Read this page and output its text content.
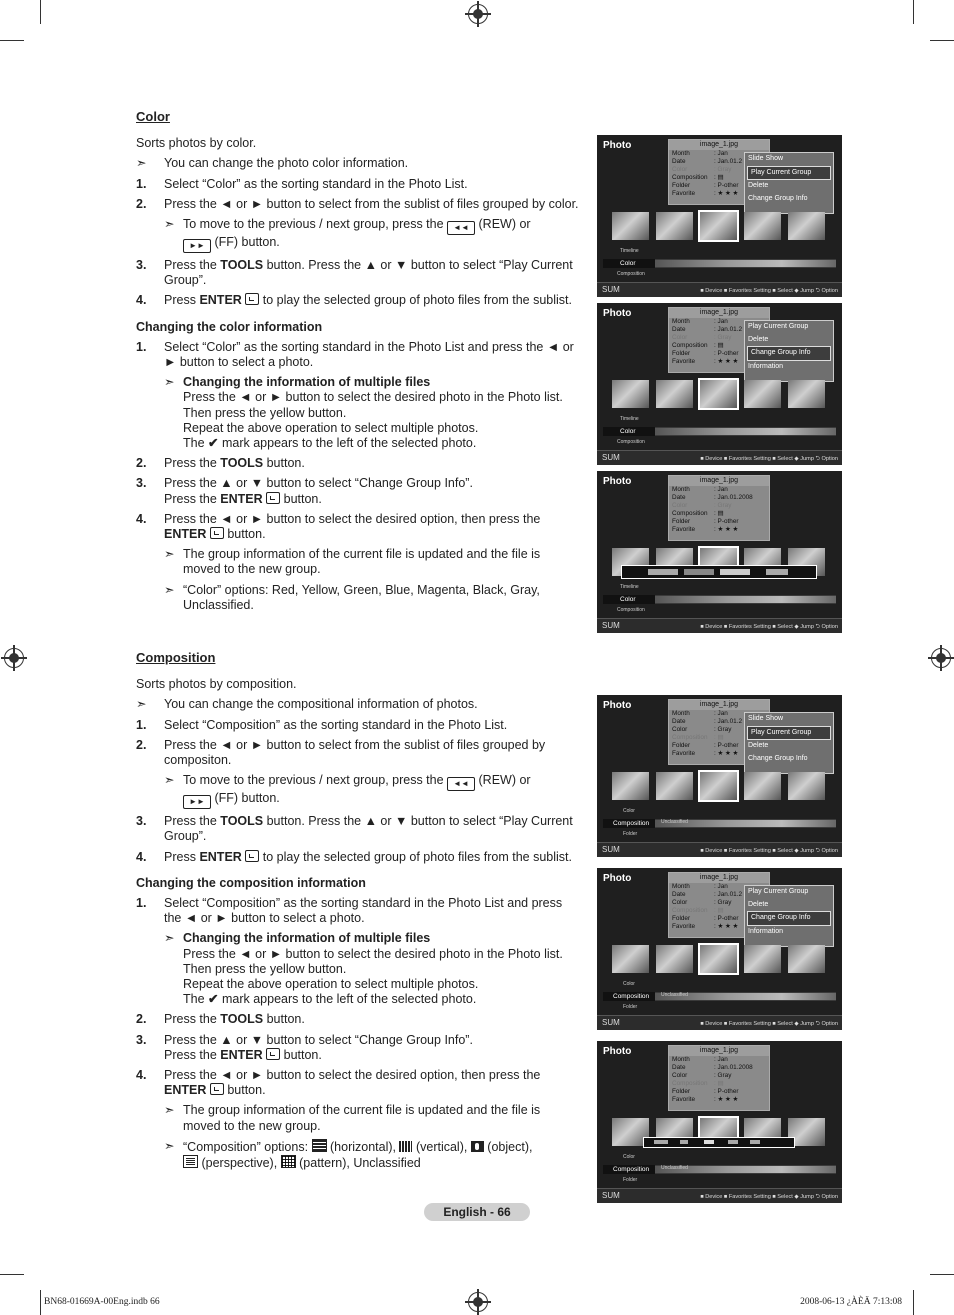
Color
Sorts photos by color.
➣	You can change the photo color information.
1.	Select “Color” as the sorting standard in the Photo List.
2.	Press the ◄ or ► button to select from the sublist of files grouped by color.
➣ To move to the previous / next group, press the ◄◄ (REW) or
►► (FF) button.
3.	Press the TOOLS button. Press the ▲ or ▼ button to select “Play Current Group”.
4.	Press ENTER  to play the selected group of photo files from the sublist.
Changing the color information
1.	Select “Color” as the sorting standard in the Photo List and press the ◄ or ► button to select a photo.
➣ Changing the information of multiple files
Press the ◄ or ► button to select the desired photo in the Photo list.
Then press the yellow button.
Repeat the above operation to select multiple photos.
The ✔ mark appears to the left of the selected photo.
2.	Press the TOOLS button.
3.	Press the ▲ or ▼ button to select “Change Group Info”.
Press the ENTER  button.
4.	Press the ◄ or ► button to select the desired option, then press the
ENTER  button.
➣ The group information of the current file is updated and the file is moved to the new group.
➣ “Color” options: Red, Yellow, Green, Blue, Magenta, Black, Gray, Unclassified.
Composition
Sorts photos by composition.
➣	You can change the compositional information of photos.
1.	Select “Composition” as the sorting standard in the Photo List.
2.	Press the ◄ or ► button to select from the sublist of files grouped by compositon.
➣ To move to the previous / next group, press the ◄◄ (REW) or
►► (FF) button.
3.	Press the TOOLS button. Press the ▲ or ▼ button to select “Play Current Group”.
4.	Press ENTER  to play the selected group of photo files from the sublist.
Changing the composition information
1.	Select “Composition” as the sorting standard in the Photo List and press the ◄ or ► button to select a photo.
➣ Changing the information of multiple files
Press the ◄ or ► button to select the desired photo in the Photo list.
Then press the yellow button.
Repeat the above operation to select multiple photos.
The ✔ mark appears to the left of the selected photo.
2.	Press the TOOLS button.
3.	Press the ▲ or ▼ button to select “Change Group Info”.
Press the ENTER  button.
4.	Press the ◄ or ► button to select the desired option, then press the
ENTER  button.
➣ The group information of the current file is updated and the file is moved to the new group.
➣ “Composition” options:  (horizontal),  (vertical),  (object),
(perspective),  (pattern), Unclassified
Photo	image_1.jpg
Month	: Jan
Date	: Jan.01.2
Color	: Gray
Composition	: ▤
Folder	: P-other
Favorite	: ★ ★ ★
Slide Show
Play Current Group
Delete
Change Group Info
Timeline
Color
Composition
SUM	■ Device ■ Favorites Setting ■ Select ◆ Jump ⮌ Option
Photo	image_1.jpg
Month	: Jan
Date	: Jan.01.2
Color	: Gray
Composition	: ▤
Folder	: P-other
Favorite	: ★ ★ ★
Play Current Group
Delete
Change Group Info
Information
Timeline
Color
Composition
SUM	■ Device ■ Favorites Setting ■ Select ◆ Jump ⮌ Option
Photo	image_1.jpg
Month	: Jan
Date	: Jan.01.2008
Color	: Gray
Composition	: ▤
Folder	: P-other
Favorite	: ★ ★ ★
Timeline
Color
Composition
SUM	■ Device ■ Favorites Setting ■ Select ◆ Jump ⮌ Option
Photo	image_1.jpg
Month	: Jan
Date	: Jan.01.2
Color	: Gray
Composition	: ▤
Folder	: P-other
Favorite	: ★ ★ ★
Slide Show
Play Current Group
Delete
Change Group Info
Color
Composition	Unclassified
Folder
SUM	■ Device ■ Favorites Setting ■ Select ◆ Jump ⮌ Option
Photo	image_1.jpg
Month	: Jan
Date	: Jan.01.2
Color	: Gray
Composition	: ▤
Folder	: P-other
Favorite	: ★ ★ ★
Play Current Group
Delete
Change Group Info
Information
Color
Composition	Unclassified
Folder
SUM	■ Device ■ Favorites Setting ■ Select ◆ Jump ⮌ Option
Photo	image_1.jpg
Month	: Jan
Date	: Jan.01.2008
Color	: Gray
Composition	: ▤
Folder	: P-other
Favorite	: ★ ★ ★
Color
Composition	Unclassified
Folder
SUM	■ Device ■ Favorites Setting ■ Select ◆ Jump ⮌ Option
English - 66
BN68-01669A-00Eng.indb 66	2008-06-13 ¿ÀÈÄ 7:13:08
